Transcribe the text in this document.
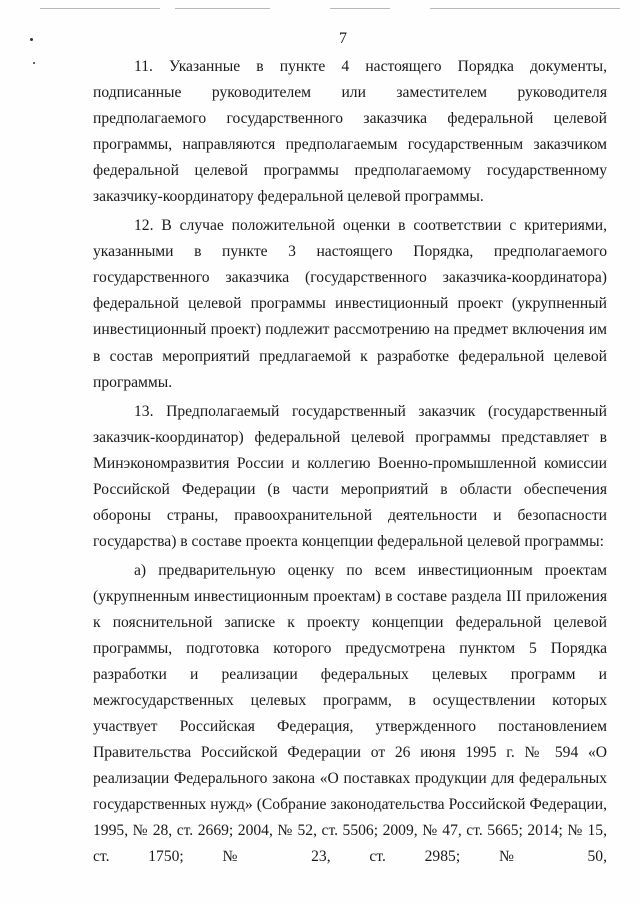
7

11. Указанные в пункте 4 настоящего Порядка документы, подписанные руководителем или заместителем руководителя предполагаемого государственного заказчика федеральной целевой программы, направляются предполагаемым государственным заказчиком федеральной целевой программы предполагаемому государственному заказчику-координатору федеральной целевой программы.

12. В случае положительной оценки в соответствии с критериями, указанными в пункте 3 настоящего Порядка, предполагаемого государственного заказчика (государственного заказчика-координатора) федеральной целевой программы инвестиционный проект (укрупненный инвестиционный проект) подлежит рассмотрению на предмет включения им в состав мероприятий предлагаемой к разработке федеральной целевой программы.

13. Предполагаемый государственный заказчик (государственный заказчик-координатор) федеральной целевой программы представляет в Минэкономразвития России и коллегию Военно-промышленной комиссии Российской Федерации (в части мероприятий в области обеспечения обороны страны, правоохранительной деятельности и безопасности государства) в составе проекта концепции федеральной целевой программы:

а) предварительную оценку по всем инвестиционным проектам (укрупненным инвестиционным проектам) в составе раздела III приложения к пояснительной записке к проекту концепции федеральной целевой программы, подготовка которого предусмотрена пунктом 5 Порядка разработки и реализации федеральных целевых программ и межгосударственных целевых программ, в осуществлении которых участвует Российская Федерация, утвержденного постановлением Правительства Российской Федерации от 26 июня 1995 г. № 594 «О реализации Федерального закона «О поставках продукции для федеральных государственных нужд» (Собрание законодательства Российской Федерации, 1995, № 28, ст. 2669; 2004, № 52, ст. 5506; 2009, № 47, ст. 5665; 2014; № 15, ст. 1750; № 23, ст. 2985; № 50,
